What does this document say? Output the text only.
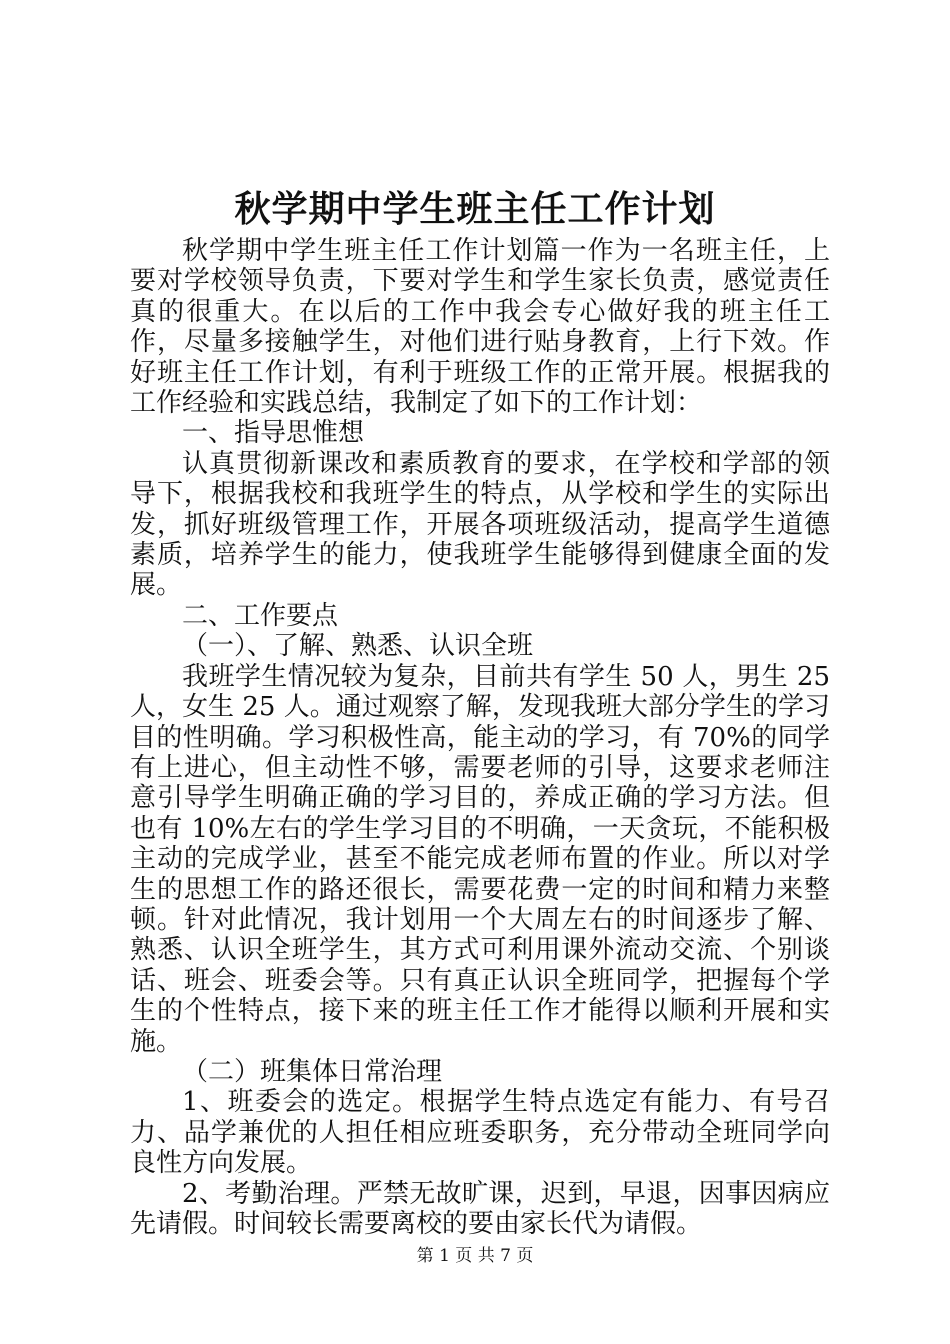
秋学期中学生班主任工作计划

秋学期中学生班主任工作计划篇一作为一名班主任，上要对学校领导负责，下要对学生和学生家长负责，感觉责任真的很重大。在以后的工作中我会专心做好我的班主任工作，尽量多接触学生，对他们进行贴身教育，上行下效。作好班主任工作计划，有利于班级工作的正常开展。根据我的工作经验和实践总结，我制定了如下的工作计划：

一、指导思惟想

认真贯彻新课改和素质教育的要求，在学校和学部的领导下，根据我校和我班学生的特点，从学校和学生的实际出发，抓好班级管理工作，开展各项班级活动，提高学生道德素质，培养学生的能力，使我班学生能够得到健康全面的发展。

二、工作要点

（一）、了解、熟悉、认识全班

我班学生情况较为复杂，目前共有学生 50 人，男生 25 人，女生 25 人。通过观察了解，发现我班大部分学生的学习目的性明确。学习积极性高，能主动的学习，有 70%的同学有上进心，但主动性不够，需要老师的引导，这要求老师注意引导学生明确正确的学习目的，养成正确的学习方法。但也有 10%左右的学生学习目的不明确，一天贪玩，不能积极主动的完成学业，甚至不能完成老师布置的作业。所以对学生的思想工作的路还很长，需要花费一定的时间和精力来整顿。针对此情况，我计划用一个大周左右的时间逐步了解、熟悉、认识全班学生，其方式可利用课外流动交流、个别谈话、班会、班委会等。只有真正认识全班同学，把握每个学生的个性特点，接下来的班主任工作才能得以顺利开展和实施。

（二）班集体日常治理

1、班委会的选定。根据学生特点选定有能力、有号召力、品学兼优的人担任相应班委职务，充分带动全班同学向良性方向发展。

2、考勤治理。严禁无故旷课，迟到，早退，因事因病应先请假。时间较长需要离校的要由家长代为请假。

第 1 页 共 7 页
